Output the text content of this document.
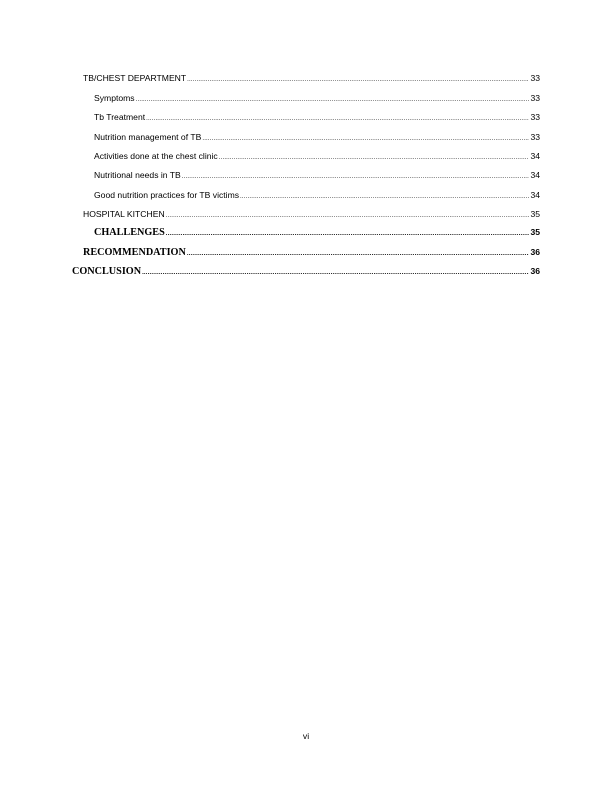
TB/CHEST DEPARTMENT .....	33
Symptoms .....	33
Tb Treatment .....	33
Nutrition management of TB .....	33
Activities done at the chest clinic .....	34
Nutritional needs in TB .....	34
Good nutrition practices for TB victims .....	34
HOSPITAL KITCHEN .....	35
CHALLENGES .....	35
RECOMMENDATION .....	36
CONCLUSION .....	36
vi
